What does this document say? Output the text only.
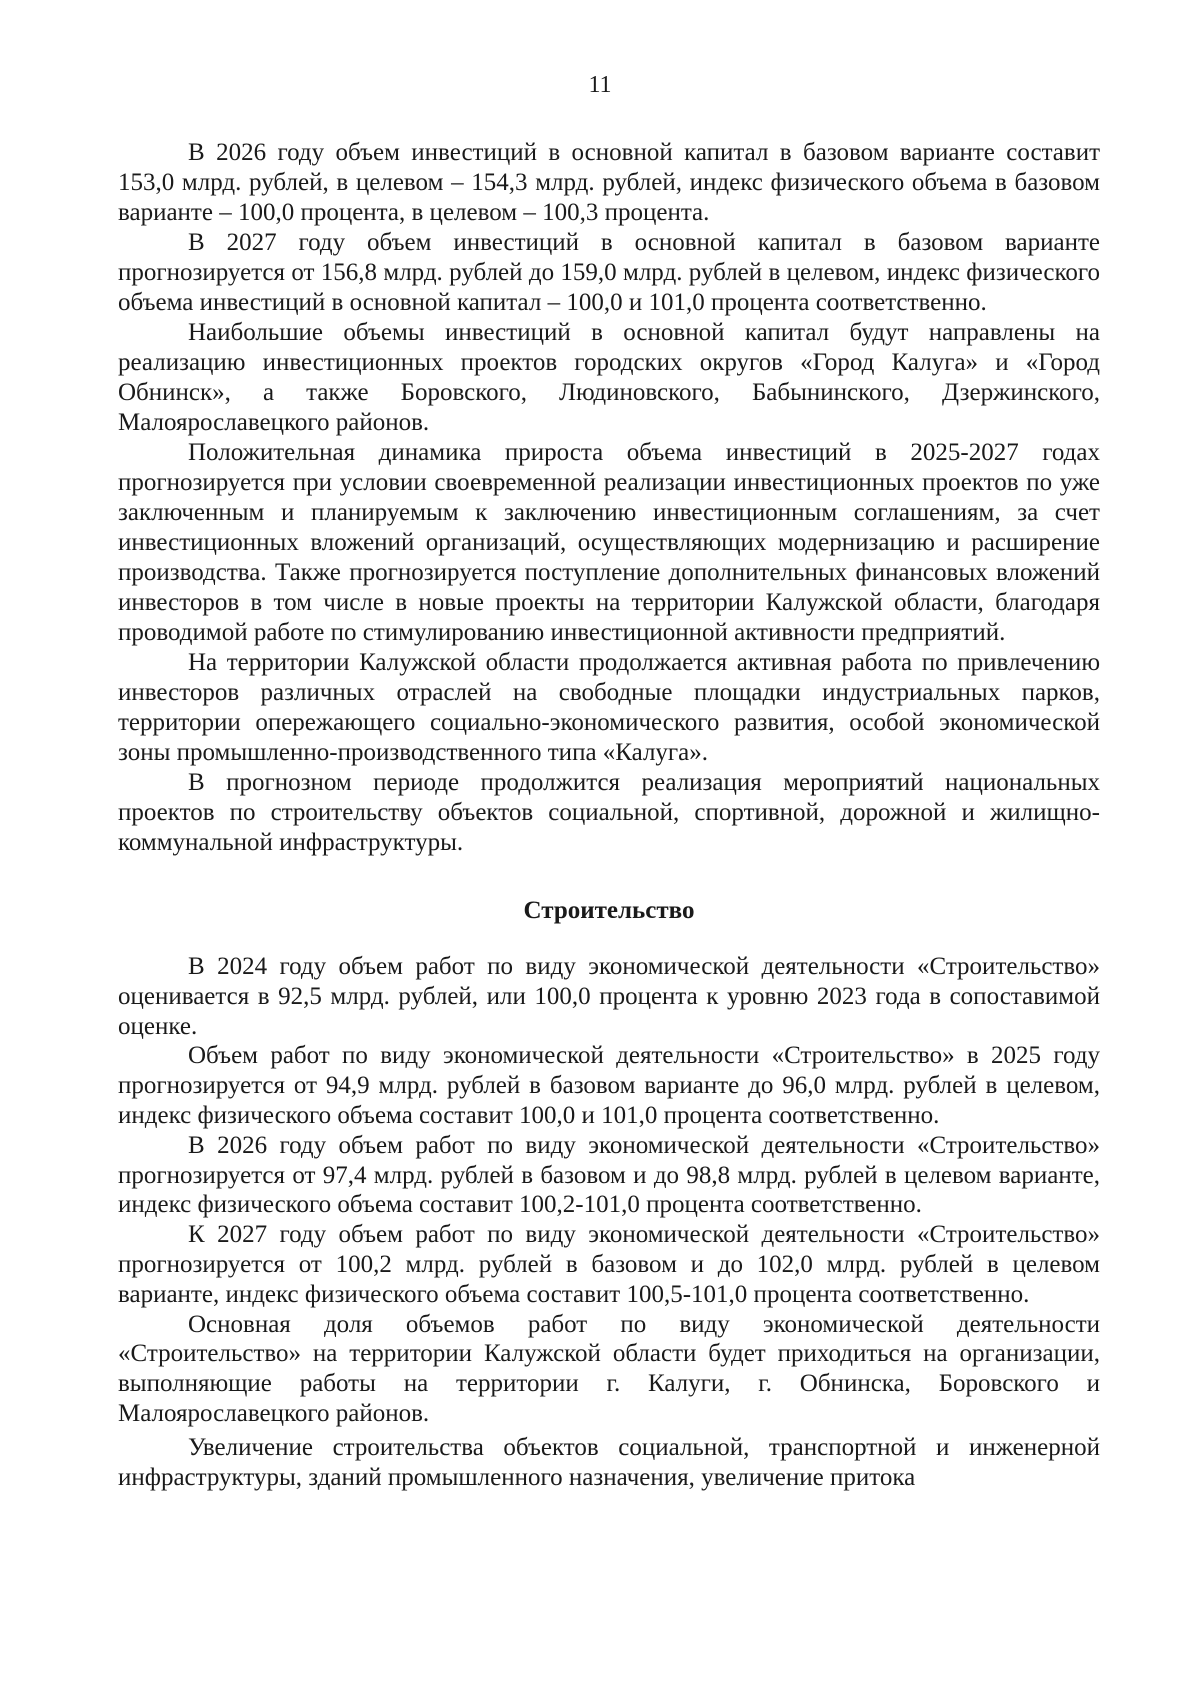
11

В 2026 году объем инвестиций в основной капитал в базовом варианте составит 153,0 млрд. рублей, в целевом – 154,3 млрд. рублей, индекс физического объема в базовом варианте – 100,0 процента, в целевом – 100,3 процента.

В 2027 году объем инвестиций в основной капитал в базовом варианте прогнозируется от 156,8 млрд. рублей до 159,0 млрд. рублей в целевом, индекс физического объема инвестиций в основной капитал – 100,0 и 101,0 процента соответственно.

Наибольшие объемы инвестиций в основной капитал будут направлены на реализацию инвестиционных проектов городских округов «Город Калуга» и «Город Обнинск», а также Боровского, Людиновского, Бабынинского, Дзержинского, Малоярославецкого районов.

Положительная динамика прироста объема инвестиций в 2025-2027 годах прогнозируется при условии своевременной реализации инвестиционных проектов по уже заключенным и планируемым к заключению инвестиционным соглашениям, за счет инвестиционных вложений организаций, осуществляющих модернизацию и расширение производства. Также прогнозируется поступление дополнительных финансовых вложений инвесторов в том числе в новые проекты на территории Калужской области, благодаря проводимой работе по стимулированию инвестиционной активности предприятий.

На территории Калужской области продолжается активная работа по привлечению инвесторов различных отраслей на свободные площадки индустриальных парков, территории опережающего социально-экономического развития, особой экономической зоны промышленно-производственного типа «Калуга».

В прогнозном периоде продолжится реализация мероприятий национальных проектов по строительству объектов социальной, спортивной, дорожной и жилищно-коммунальной инфраструктуры.

Строительство

В 2024 году объем работ по виду экономической деятельности «Строительство» оценивается в 92,5 млрд. рублей, или 100,0 процента к уровню 2023 года в сопоставимой оценке.

Объем работ по виду экономической деятельности «Строительство» в 2025 году прогнозируется от 94,9 млрд. рублей в базовом варианте до 96,0 млрд. рублей в целевом, индекс физического объема составит 100,0 и 101,0 процента соответственно.

В 2026 году объем работ по виду экономической деятельности «Строительство» прогнозируется от 97,4 млрд. рублей в базовом и до 98,8 млрд. рублей в целевом варианте, индекс физического объема составит 100,2-101,0 процента соответственно.

К 2027 году объем работ по виду экономической деятельности «Строительство» прогнозируется от 100,2 млрд. рублей в базовом и до 102,0 млрд. рублей в целевом варианте, индекс физического объема составит 100,5-101,0 процента соответственно.

Основная доля объемов работ по виду экономической деятельности «Строительство» на территории Калужской области будет приходиться на организации, выполняющие работы на территории г. Калуги, г. Обнинска, Боровского и Малоярославецкого районов.

Увеличение строительства объектов социальной, транспортной и инженерной инфраструктуры, зданий промышленного назначения, увеличение притока
